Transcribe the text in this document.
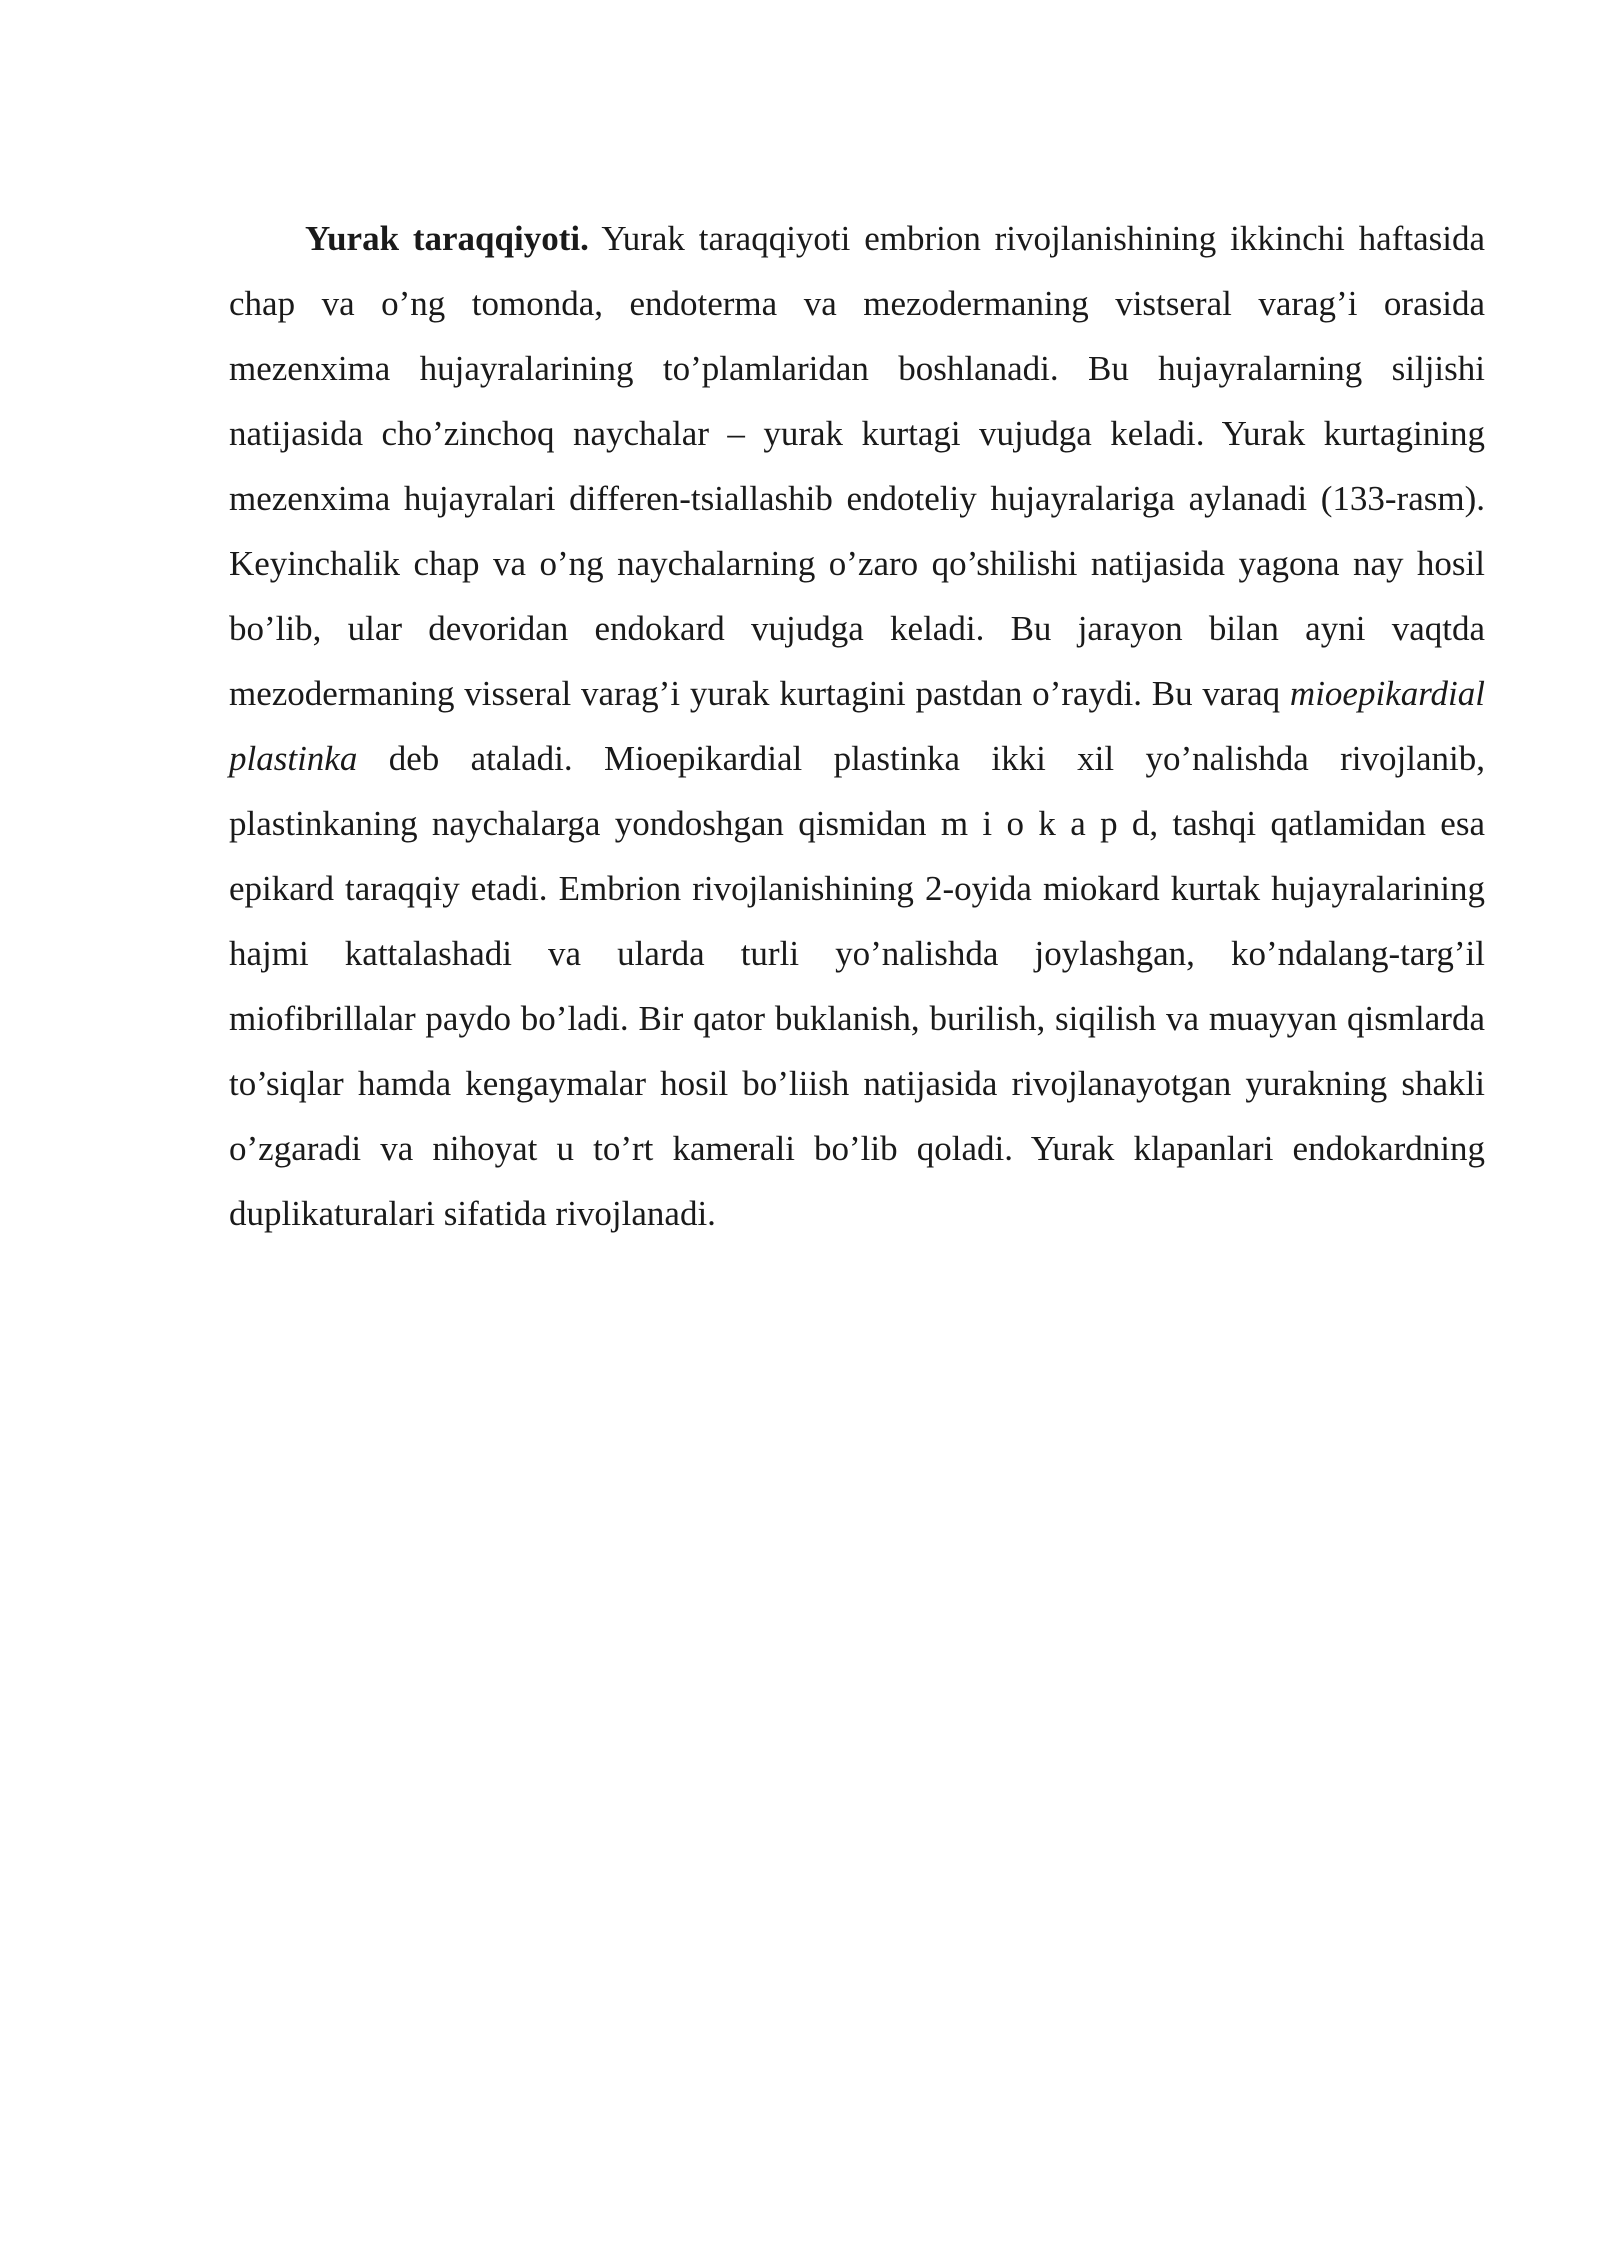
Yurak taraqqiyoti. Yurak taraqqiyoti embrion rivojlanishining ikkinchi haftasida chap va o’ng tomonda, endoterma va mezodermaning vistseral varag’i orasida mezenxima hujayralarining to’plamlaridan boshlanadi. Bu hujayralarning siljishi natijasida cho’zinchoq naychalar – yurak kurtagi vujudga keladi. Yurak kurtagining mezenxima hujayralari differen-tsiallashib endoteliy hujayralariga aylanadi (133-rasm). Keyinchalik chap va o’ng naychalarning o’zaro qo’shilishi natijasida yagona nay hosil bo’lib, ular devoridan endokard vujudga keladi. Bu jarayon bilan ayni vaqtda mezodermaning visseral varag’i yurak kurtagini pastdan o’raydi. Bu varaq mioepikardial plastinka deb ataladi. Mioepikardial plastinka ikki xil yo’nalishda rivojlanib, plastinkaning naychalarga yondoshgan qismidan m i o k a p d, tashqi qatlamidan esa epikard taraqqiy etadi. Embrion rivojlanishining 2-oyida miokard kurtak hujayralarining hajmi kattalashadi va ularda turli yo’nalishda joylashgan, ko’ndalang-targ’il miofibrillalar paydo bo’ladi. Bir qator buklanish, burilish, siqilish va muayyan qismlarda to’siqlar hamda kengaymalar hosil bo’liish natijasida rivojlanayotgan yurakning shakli o’zgaradi va nihoyat u to’rt kamerali bo’lib qoladi. Yurak klapanlari endokardning duplikaturalari sifatida rivojlanadi.
